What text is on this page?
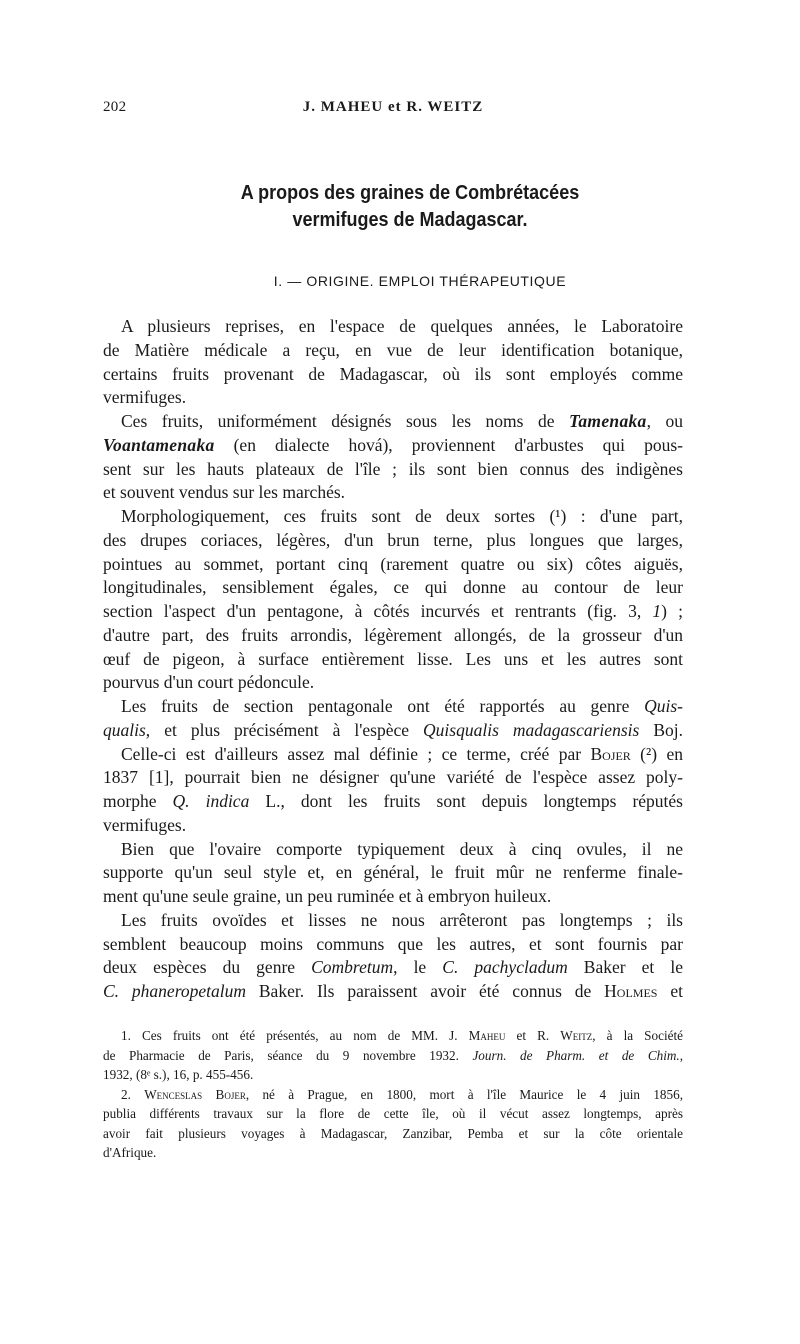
202	J. MAHEU et R. WEITZ
A propos des graines de Combrétacées
vermifuges de Madagascar.
I. — ORIGINE. EMPLOI THÉRAPEUTIQUE

A plusieurs reprises, en l'espace de quelques années, le Laboratoire
de Matière médicale a reçu, en vue de leur identification botanique,
certains fruits provenant de Madagascar, où ils sont employés comme
vermifuges.

Ces fruits, uniformément désignés sous les noms de Tamenaka, ou
Voantamenaka (en dialecte hová), proviennent d'arbustes qui pous-
sent sur les hauts plateaux de l'île ; ils sont bien connus des indigènes
et souvent vendus sur les marchés.

Morphologiquement, ces fruits sont de deux sortes (¹) : d'une part,
des drupes coriaces, légères, d'un brun terne, plus longues que larges,
pointues au sommet, portant cinq (rarement quatre ou six) côtes aiguës,
longitudinales, sensiblement égales, ce qui donne au contour de leur
section l'aspect d'un pentagone, à côtés incurvés et rentrants (fig. 3, 1) ;
d'autre part, des fruits arrondis, légèrement allongés, de la grosseur d'un
œuf de pigeon, à surface entièrement lisse. Les uns et les autres sont
pourvus d'un court pédoncule.

Les fruits de section pentagonale ont été rapportés au genre Quis-
qualis, et plus précisément à l'espèce Quisqualis madagascariensis Boj.

Celle-ci est d'ailleurs assez mal définie ; ce terme, créé par Bojer (²) en
1837 [1], pourrait bien ne désigner qu'une variété de l'espèce assez poly-
morphe Q. indica L., dont les fruits sont depuis longtemps réputés
vermifuges.

Bien que l'ovaire comporte typiquement deux à cinq ovules, il ne
supporte qu'un seul style et, en général, le fruit mûr ne renferme finale-
ment qu'une seule graine, un peu ruminée et à embryon huileux.

Les fruits ovoïdes et lisses ne nous arrêteront pas longtemps ; ils
semblent beaucoup moins communs que les autres, et sont fournis par
deux espèces du genre Combretum, le C. pachycladum Baker et le
C. phaneropetalum Baker. Ils paraissent avoir été connus de Holmes et

1. Ces fruits ont été présentés, au nom de MM. J. Maheu et R. Weitz, à la Société
de Pharmacie de Paris, séance du 9 novembre 1932. Journ. de Pharm. et de Chim.,
1932, (8ᵉ s.), 16, p. 455-456.

2. Wenceslas Bojer, né à Prague, en 1800, mort à l'île Maurice le 4 juin 1856,
publia différents travaux sur la flore de cette île, où il vécut assez longtemps, après
avoir fait plusieurs voyages à Madagascar, Zanzibar, Pemba et sur la côte orientale
d'Afrique.
